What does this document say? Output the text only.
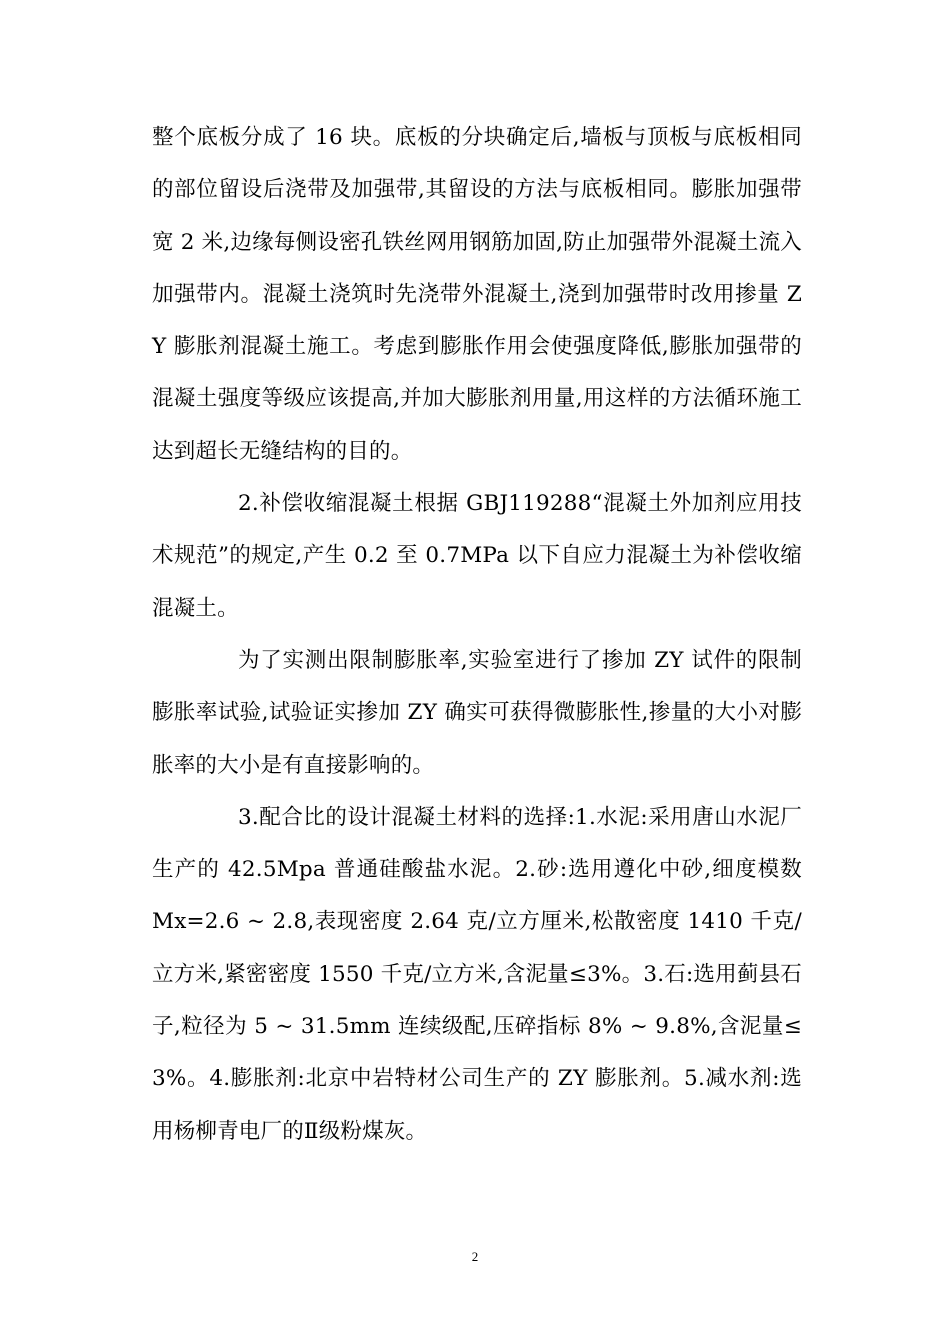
整个底板分成了 16 块。底板的分块确定后,墙板与顶板与底板相同的部位留设后浇带及加强带,其留设的方法与底板相同。膨胀加强带宽 2 米,边缘每侧设密孔铁丝网用钢筋加固,防止加强带外混凝土流入加强带内。混凝土浇筑时先浇带外混凝土,浇到加强带时改用掺量 ZY 膨胀剂混凝土施工。考虑到膨胀作用会使强度降低,膨胀加强带的混凝土强度等级应该提高,并加大膨胀剂用量,用这样的方法循环施工达到超长无缝结构的目的。

2.补偿收缩混凝土根据 GBJ119288“混凝土外加剂应用技术规范”的规定,产生 0.2 至 0.7MPa 以下自应力混凝土为补偿收缩混凝土。

为了实测出限制膨胀率,实验室进行了掺加 ZY 试件的限制膨胀率试验,试验证实掺加 ZY 确实可获得微膨胀性,掺量的大小对膨胀率的大小是有直接影响的。

3.配合比的设计混凝土材料的选择:1.水泥:采用唐山水泥厂生产的 42.5Mpa 普通硅酸盐水泥。2.砂:选用遵化中砂,细度模数 Mx=2.6 ~ 2.8,表现密度 2.64 克/立方厘米,松散密度 1410 千克/立方米,紧密密度 1550 千克/立方米,含泥量≤3%。3.石:选用蓟县石子,粒径为 5 ~ 31.5mm 连续级配,压碎指标 8% ~ 9.8%,含泥量≤3%。4.膨胀剂:北京中岩特材公司生产的 ZY 膨胀剂。5.减水剂:选用杨柳青电厂的Ⅱ级粉煤灰。

2
